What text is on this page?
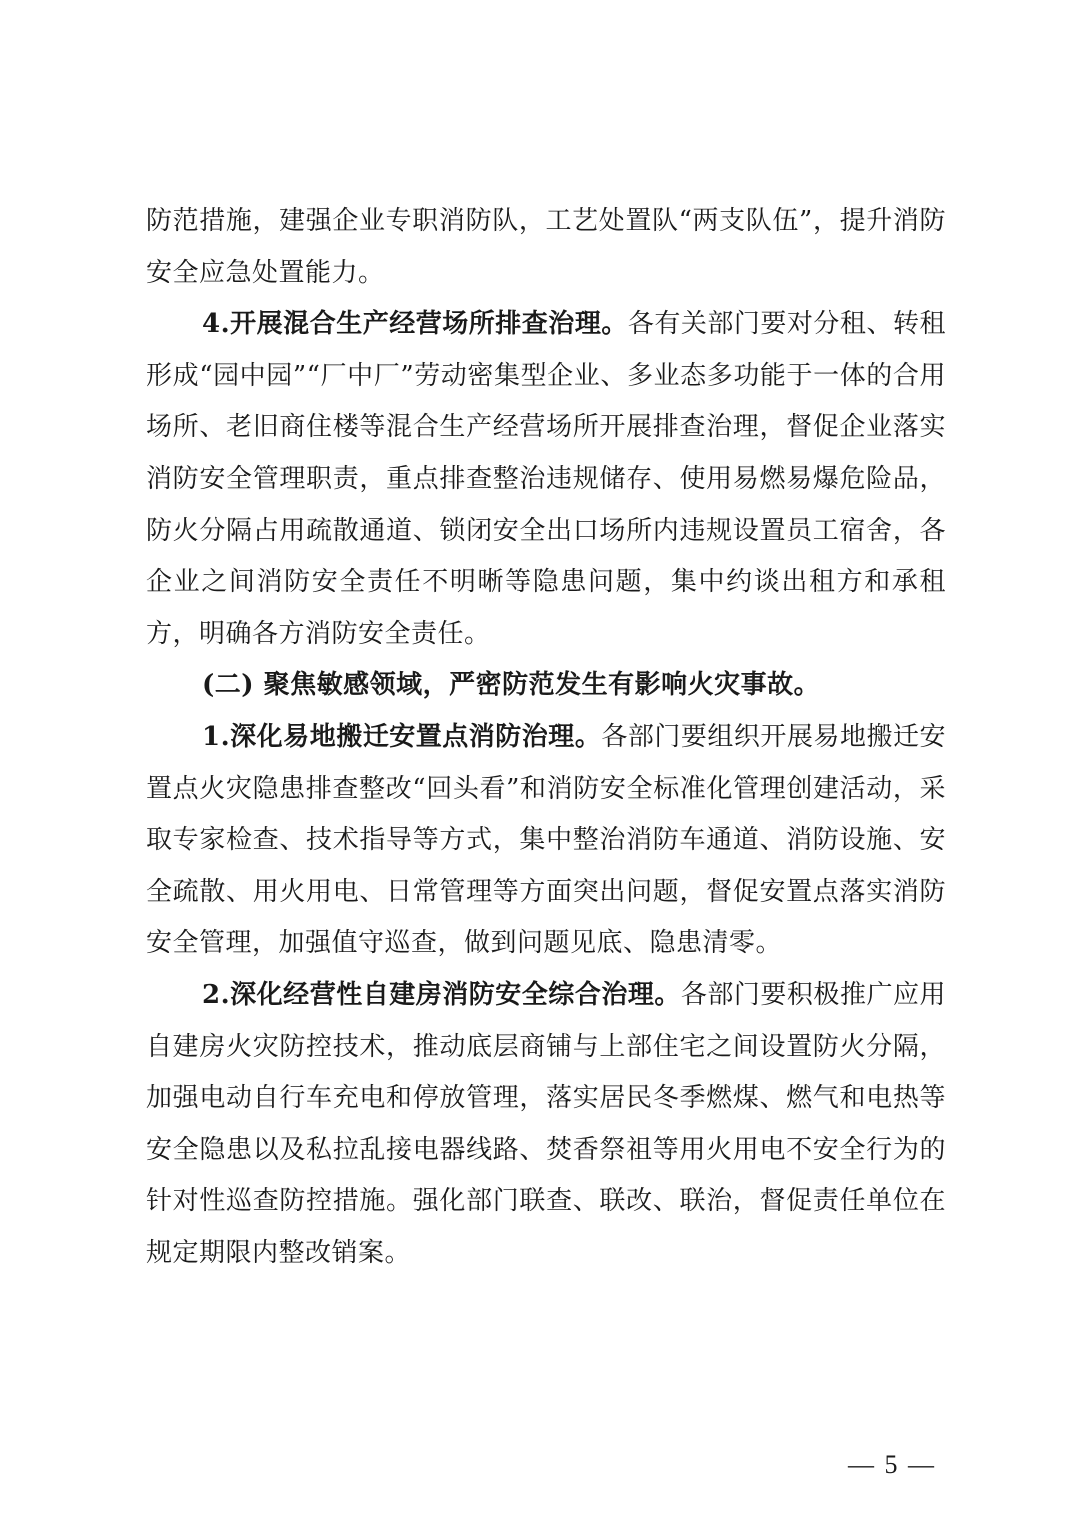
防范措施，建强企业专职消防队，工艺处置队“两支队伍”，提升消防安全应急处置能力。

4.开展混合生产经营场所排查治理。各有关部门要对分租、转租形成“园中园”“厂中厂”劳动密集型企业、多业态多功能于一体的合用场所、老旧商住楼等混合生产经营场所开展排查治理，督促企业落实消防安全管理职责，重点排查整治违规储存、使用易燃易爆危险品，防火分隔占用疏散通道、锁闭安全出口场所内违规设置员工宿舍，各企业之间消防安全责任不明晰等隐患问题，集中约谈出租方和承租方，明确各方消防安全责任。

(二) 聚焦敏感领域，严密防范发生有影响火灾事故。

1.深化易地搬迁安置点消防治理。各部门要组织开展易地搬迁安置点火灾隐患排查整改“回头看”和消防安全标准化管理创建活动，采取专家检查、技术指导等方式，集中整治消防车通道、消防设施、安全疏散、用火用电、日常管理等方面突出问题，督促安置点落实消防安全管理，加强值守巡查，做到问题见底、隐患清零。

2.深化经营性自建房消防安全综合治理。各部门要积极推广应用自建房火灾防控技术，推动底层商铺与上部住宅之间设置防火分隔，加强电动自行车充电和停放管理，落实居民冬季燃煤、燃气和电热等安全隐患以及私拉乱接电器线路、焚香祭祖等用火用电不安全行为的针对性巡查防控措施。强化部门联查、联改、联治，督促责任单位在规定期限内整改销案。

— 5 —
